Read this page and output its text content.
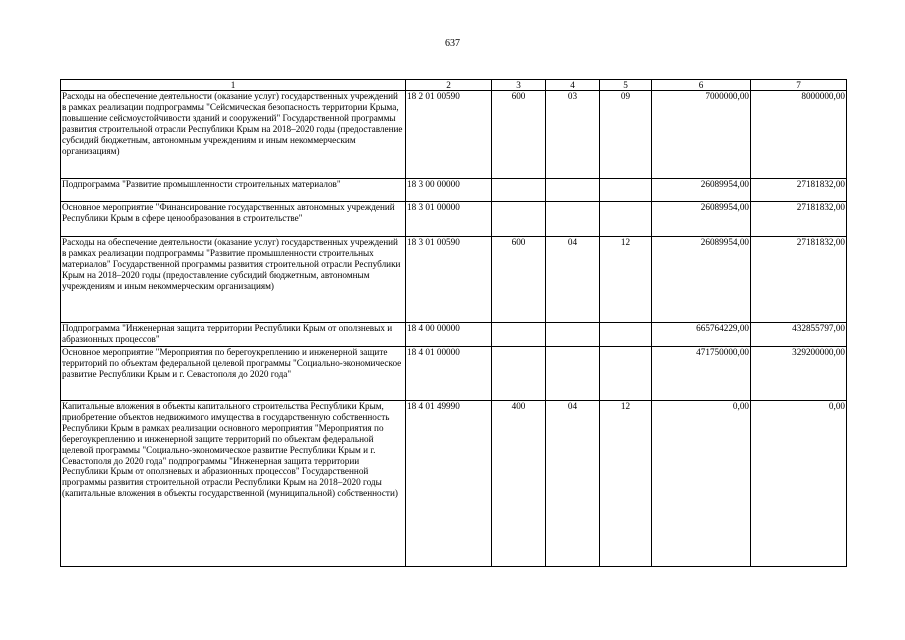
637
1	2	3	4	5	6	7
Расходы на обеспечение деятельности (оказание услуг) государственных учреждений в рамках реализации подпрограммы "Сейсмическая безопасность территории Крыма, повышение сейсмоустойчивости зданий и сооружений" Государственной программы развития строительной отрасли Республики Крым на 2018–2020 годы (предоставление субсидий бюджетным, автономным учреждениям и иным некоммерческим организациям)	18 2 01 00590	600	03	09	7000000,00	8000000,00
Подпрограмма "Развитие промышленности строительных материалов"	18 3 00 00000				26089954,00	27181832,00
Основное мероприятие "Финансирование государственных автономных учреждений Республики Крым в сфере ценообразования в строительстве"	18 3 01 00000				26089954,00	27181832,00
Расходы на обеспечение деятельности (оказание услуг) государственных учреждений в рамках реализации подпрограммы "Развитие промышленности строительных материалов" Государственной программы развития строительной отрасли Республики Крым на 2018–2020 годы (предоставление субсидий бюджетным, автономным учреждениям и иным некоммерческим организациям)	18 3 01 00590	600	04	12	26089954,00	27181832,00
Подпрограмма "Инженерная защита территории Республики Крым от оползневых и абразионных процессов"	18 4 00 00000				665764229,00	432855797,00
Основное мероприятие "Мероприятия по берегоукреплению и инженерной защите территорий по объектам федеральной целевой программы "Социально-экономическое развитие Республики Крым и г. Севастополя до 2020 года"	18 4 01 00000				471750000,00	329200000,00
Капитальные вложения в объекты капитального строительства Республики Крым, приобретение объектов недвижимого имущества в государственную собственность Республики Крым в рамках реализации основного мероприятия "Мероприятия по берегоукреплению и инженерной защите территорий по объектам федеральной целевой программы "Социально-экономическое развитие Республики Крым и г. Севастополя до 2020 года" подпрограммы "Инженерная защита территории Республики Крым от оползневых и абразионных процессов" Государственной программы развития строительной отрасли Республики Крым на 2018–2020 годы (капитальные вложения в объекты государственной (муниципальной) собственности)	18 4 01 49990	400	04	12	0,00	0,00
